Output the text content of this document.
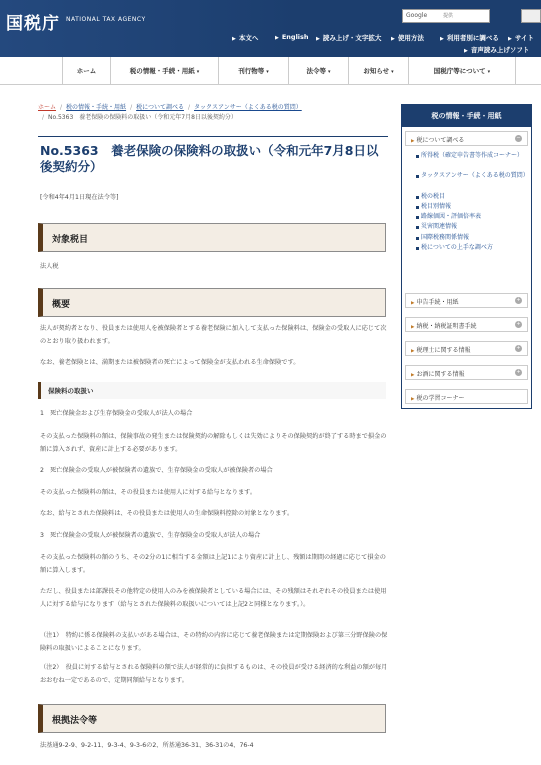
国税庁 NATIONAL TAX AGENCY
Google
提供
▶ 本文へ	▶ English	▶ 読み上げ・文字拡大	▶ 使用方法	▶ 利用者別に調べる	▶ サイト
▶ 音声読み上げソフト
ホーム	税の情報・手続・用紙 ▾	刊行物等 ▾	法令等 ▾	お知らせ ▾	国税庁等について ▾
ホーム / 税の情報・手続・用紙 / 税について調べる / タックスアンサー（よくある税の質問）
/ No.5363　養老保険の保険料の取扱い（令和元年7月8日以後契約分）
No.5363　養老保険の保険料の取扱い（令和元年7月8日以後契約分）
[令和4年4月1日現在法令等]
対象税目
法人税
概要
法人が契約者となり、役員または使用人を被保険者とする養老保険に加入して支払った保険料は、保険金の受取人に応じて次のとおり取り扱われます。
なお、養老保険とは、満期または被保険者の死亡によって保険金が支払われる生命保険です。
保険料の取扱い
1　死亡保険金および生存保険金の受取人が法人の場合
その支払った保険料の額は、保険事故の発生または保険契約の解除もしくは失効によりその保険契約が終了する時まで損金の額に算入されず、資産に計上する必要があります。
2　死亡保険金の受取人が被保険者の遺族で、生存保険金の受取人が被保険者の場合
その支払った保険料の額は、その役員または使用人に対する給与となります。
なお、給与とされた保険料は、その役員または使用人の生命保険料控除の対象となります。
3　死亡保険金の受取人が被保険者の遺族で、生存保険金の受取人が法人の場合
その支払った保険料の額のうち、その2分の1に相当する金額は上記1により資産に計上し、残額は期間の経過に応じて損金の額に算入します。
ただし、役員または部課長その他特定の使用人のみを被保険者としている場合には、その残額はそれぞれその役員または使用人に対する給与になります（給与とされた保険料の取扱いについては上記2と同様となります。）。
（注1）　特約に係る保険料の支払いがある場合は、その特約の内容に応じて養老保険または定期保険および第三分野保険の保険料の取扱いによることになります。
（注2）　役員に対する給与とされる保険料の額で法人が経常的に負担するものは、その役員が受ける経済的な利益の額が毎月おおむね一定であるので、定期同額給与となります。
根拠法令等
法基通9-2-9、9-2-11、9-3-4、9-3-6の2、所基通36-31、36-31の4、76-4
税の情報・手続・用紙
▶ 税について調べる	−
所得税（確定申告書等作成コーナー）
タックスアンサー（よくある税の質問）
税の税目
税目別情報
路線価図・評価倍率表
災害関連情報
国際税務関係情報
税についての上手な調べ方
▶ 申告手続・用紙	+
▶ 納税・納税証明書手続	+
▶ 税理士に関する情報	+
▶ お酒に関する情報	+
▶ 税の学習コーナー
